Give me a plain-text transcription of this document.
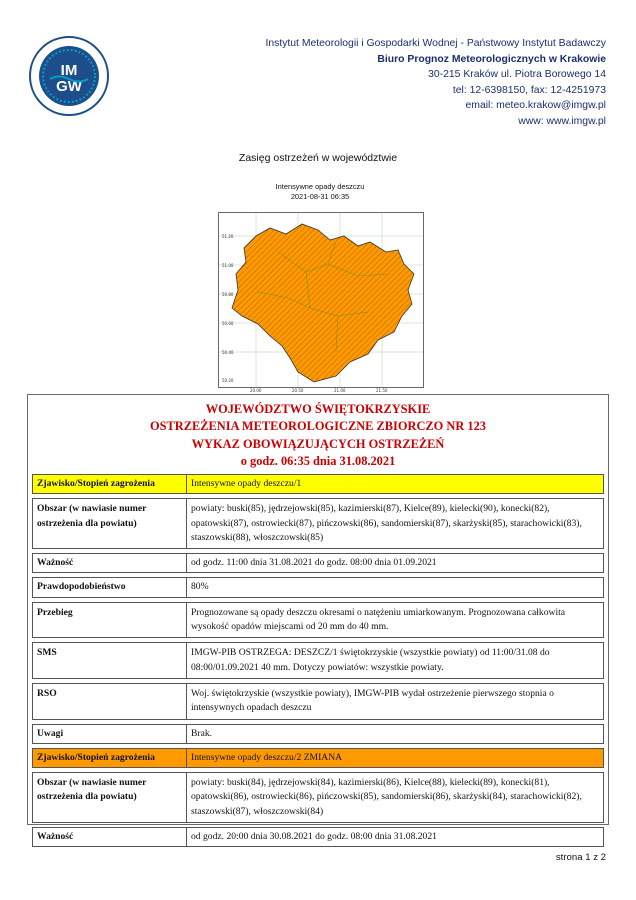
IM
GW
Instytut Meteorologii i Gospodarki Wodnej - Państwowy Instytut Badawczy
Biuro Prognoz Meteorologicznych w Krakowie
30-215 Kraków ul. Piotra Borowego 14
tel: 12-6398150, fax: 12-4251973
email: meteo.krakow@imgw.pl
www: www.imgw.pl
Zasięg ostrzeżeń w województwie
Intensywne opady deszczu
2021-08-31 06:35
51.20
51.00
50.80
50.60
50.40
50.20
20.00	20.50	21.00	21.50
WOJEWÓDZTWO ŚWIĘTOKRZYSKIE
OSTRZEŻENIA METEOROLOGICZNE ZBIORCZO NR 123
WYKAZ OBOWIĄZUJĄCYCH OSTRZEŻEŃ
o godz. 06:35 dnia 31.08.2021
Zjawisko/Stopień zagrożenia	Intensywne opady deszczu/1
Obszar (w nawiasie numer ostrzeżenia dla powiatu)	powiaty: buski(85), jędrzejowski(85), kazimierski(87), Kielce(89), kielecki(90), konecki(82), opatowski(87), ostrowiecki(87), pińczowski(86), sandomierski(87), skarżyski(85), starachowicki(83), staszowski(88), włoszczowski(85)
Ważność	od godz. 11:00 dnia 31.08.2021 do godz. 08:00 dnia 01.09.2021
Prawdopodobieństwo	80%
Przebieg	Prognozowane są opady deszczu okresami o natężeniu umiarkowanym. Prognozowana całkowita wysokość opadów miejscami od 20 mm do 40 mm.
SMS	IMGW-PIB OSTRZEGA: DESZCZ/1 świętokrzyskie (wszystkie powiaty) od 11:00/31.08 do 08:00/01.09.2021 40 mm. Dotyczy powiatów: wszystkie powiaty.
RSO	Woj. świętokrzyskie (wszystkie powiaty), IMGW-PIB wydał ostrzeżenie pierwszego stopnia o intensywnych opadach deszczu
Uwagi	Brak.
Zjawisko/Stopień zagrożenia	Intensywne opady deszczu/2 ZMIANA
Obszar (w nawiasie numer ostrzeżenia dla powiatu)	powiaty: buski(84), jędrzejowski(84), kazimierski(86), Kielce(88), kielecki(89), konecki(81), opatowski(86), ostrowiecki(86), pińczowski(85), sandomierski(86), skarżyski(84), starachowicki(82), staszowski(87), włoszczowski(84)
Ważność	od godz. 20:00 dnia 30.08.2021 do godz. 08:00 dnia 31.08.2021
strona 1 z 2
